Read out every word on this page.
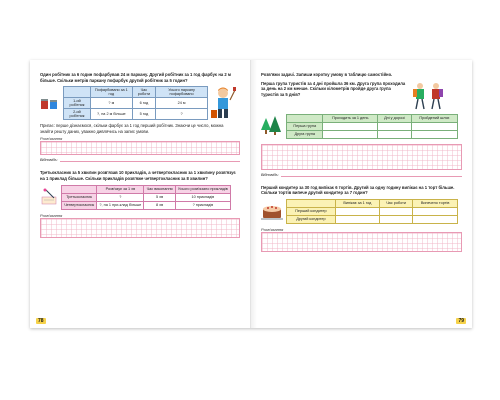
Один робітник за 6 годин пофарбував 24 м паркану. Другий робітник за 1 год фарбує на 2 м більше. Скільки метрів паркану пофарбує другий робітник за 5 годин?
	Пофарбовано за 1 год	Час роботи	Усього паркану пофарбовано
1-ий робітник	? м	6 год	24 м
2-ий робітник	?, на 2 м більше	5 год	?
Пригає: перше дізнаємося, скільки фарбує за 1 год перший робітник. Знаючи це число, можна знайти решту даних, уважно дивлячись на запис умови.
Розв'язання
Відповідь:
Третьокласник за 5 хвилин розв'язав 10 прикладів, а четвертокласник за 1 хвилину розв'язує на 1 приклад більше. Скільки прикладів розв'яже четвертокласник за 8 хвилин?
	Розв'язує за 1 хв	Час виконання	Усього розв'язано прикладів
Третьокласник	?	5 хв	10 прикладів
Четвертокласник	?, на 1 при-клад більше	8 хв	? прикладів
Розв'язання
78
Розв'яжи задачі. Запиши коротку умову в таблицю самостійно.
Перша група туристів за 4 дні пройшла 36 км. Друга група проходила за день на 2 км менше. Скільки кілометрів пройде друга група туристів за 5 днів?
	Проходить за 1 день	Дні у дорозі	Пройдений шлях
Перша група			
Друга група			
Відповідь:
Перший кондитер за 30 год випікає 6 тортів. Другий за одну годину випікає на 1 торт більше. Скільки тортів випече другий кондитер за 7 годин?
	Випікає за 1 год	Час роботи	Випечено тортів
Перший кондитер			
Другий кондитер			
Розв'язання
79
